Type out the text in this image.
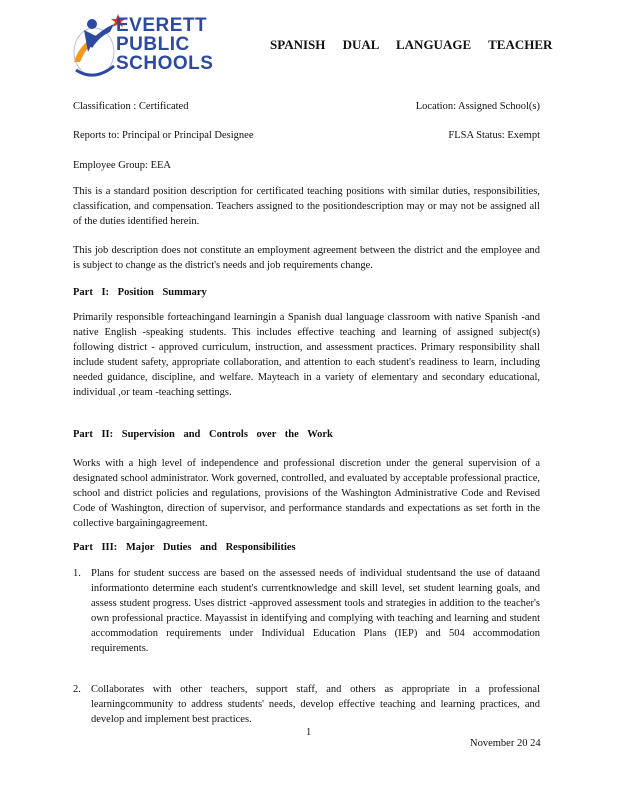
EVERETT
PUBLIC
SCHOOLS
SPANISH DUAL LANGUAGE TEACHER
Classification : Certificated	Location: Assigned School(s)
Reports to: Principal or Principal Designee	FLSA Status: Exempt
Employee Group: EEA
This is a standard position description for certificated teaching positions with similar duties, responsibilities, classification, and compensation. Teachers assigned to the positiondescription may or may not be assigned all of the duties identified herein.
This job description does not constitute an employment agreement between the district and the employee and is subject to change as the district's needs and job requirements change.
Part I: Position Summary
Primarily responsible forteachingand learningin a Spanish dual language classroom with native Spanish -and native English -speaking students. This includes effective teaching and learning of assigned subject(s) following district - approved curriculum, instruction, and assessment practices. Primary responsibility shall include student safety, appropriate collaboration, and attention to each student's readiness to learn, including needed guidance, discipline, and welfare. Mayteach in a variety of elementary and secondary educational, individual ,or team -teaching settings.
Part II: Supervision and Controls over the Work
Works with a high level of independence and professional discretion under the general supervision of a designated school administrator. Work governed, controlled, and evaluated by acceptable professional practice, school and district policies and regulations, provisions of the Washington Administrative Code and Revised Code of Washington, direction of supervisor, and performance standards and expectations as set forth in the collective bargainingagreement.
Part III: Major Duties and Responsibilities
1. Plans for student success are based on the assessed needs of individual studentsand the use of dataand informationto determine each student's currentknowledge and skill level, set student learning goals, and assess student progress. Uses district -approved assessment tools and strategies in addition to the teacher's own professional practice. Mayassist in identifying and complying with teaching and learning and student accommodation requirements under Individual Education Plans (IEP) and 504 accommodation requirements.
2. Collaborates with other teachers, support staff, and others as appropriate in a professional learningcommunity to address students' needs, develop effective teaching and learning practices, and develop and implement best practices.
1
November 20 24
